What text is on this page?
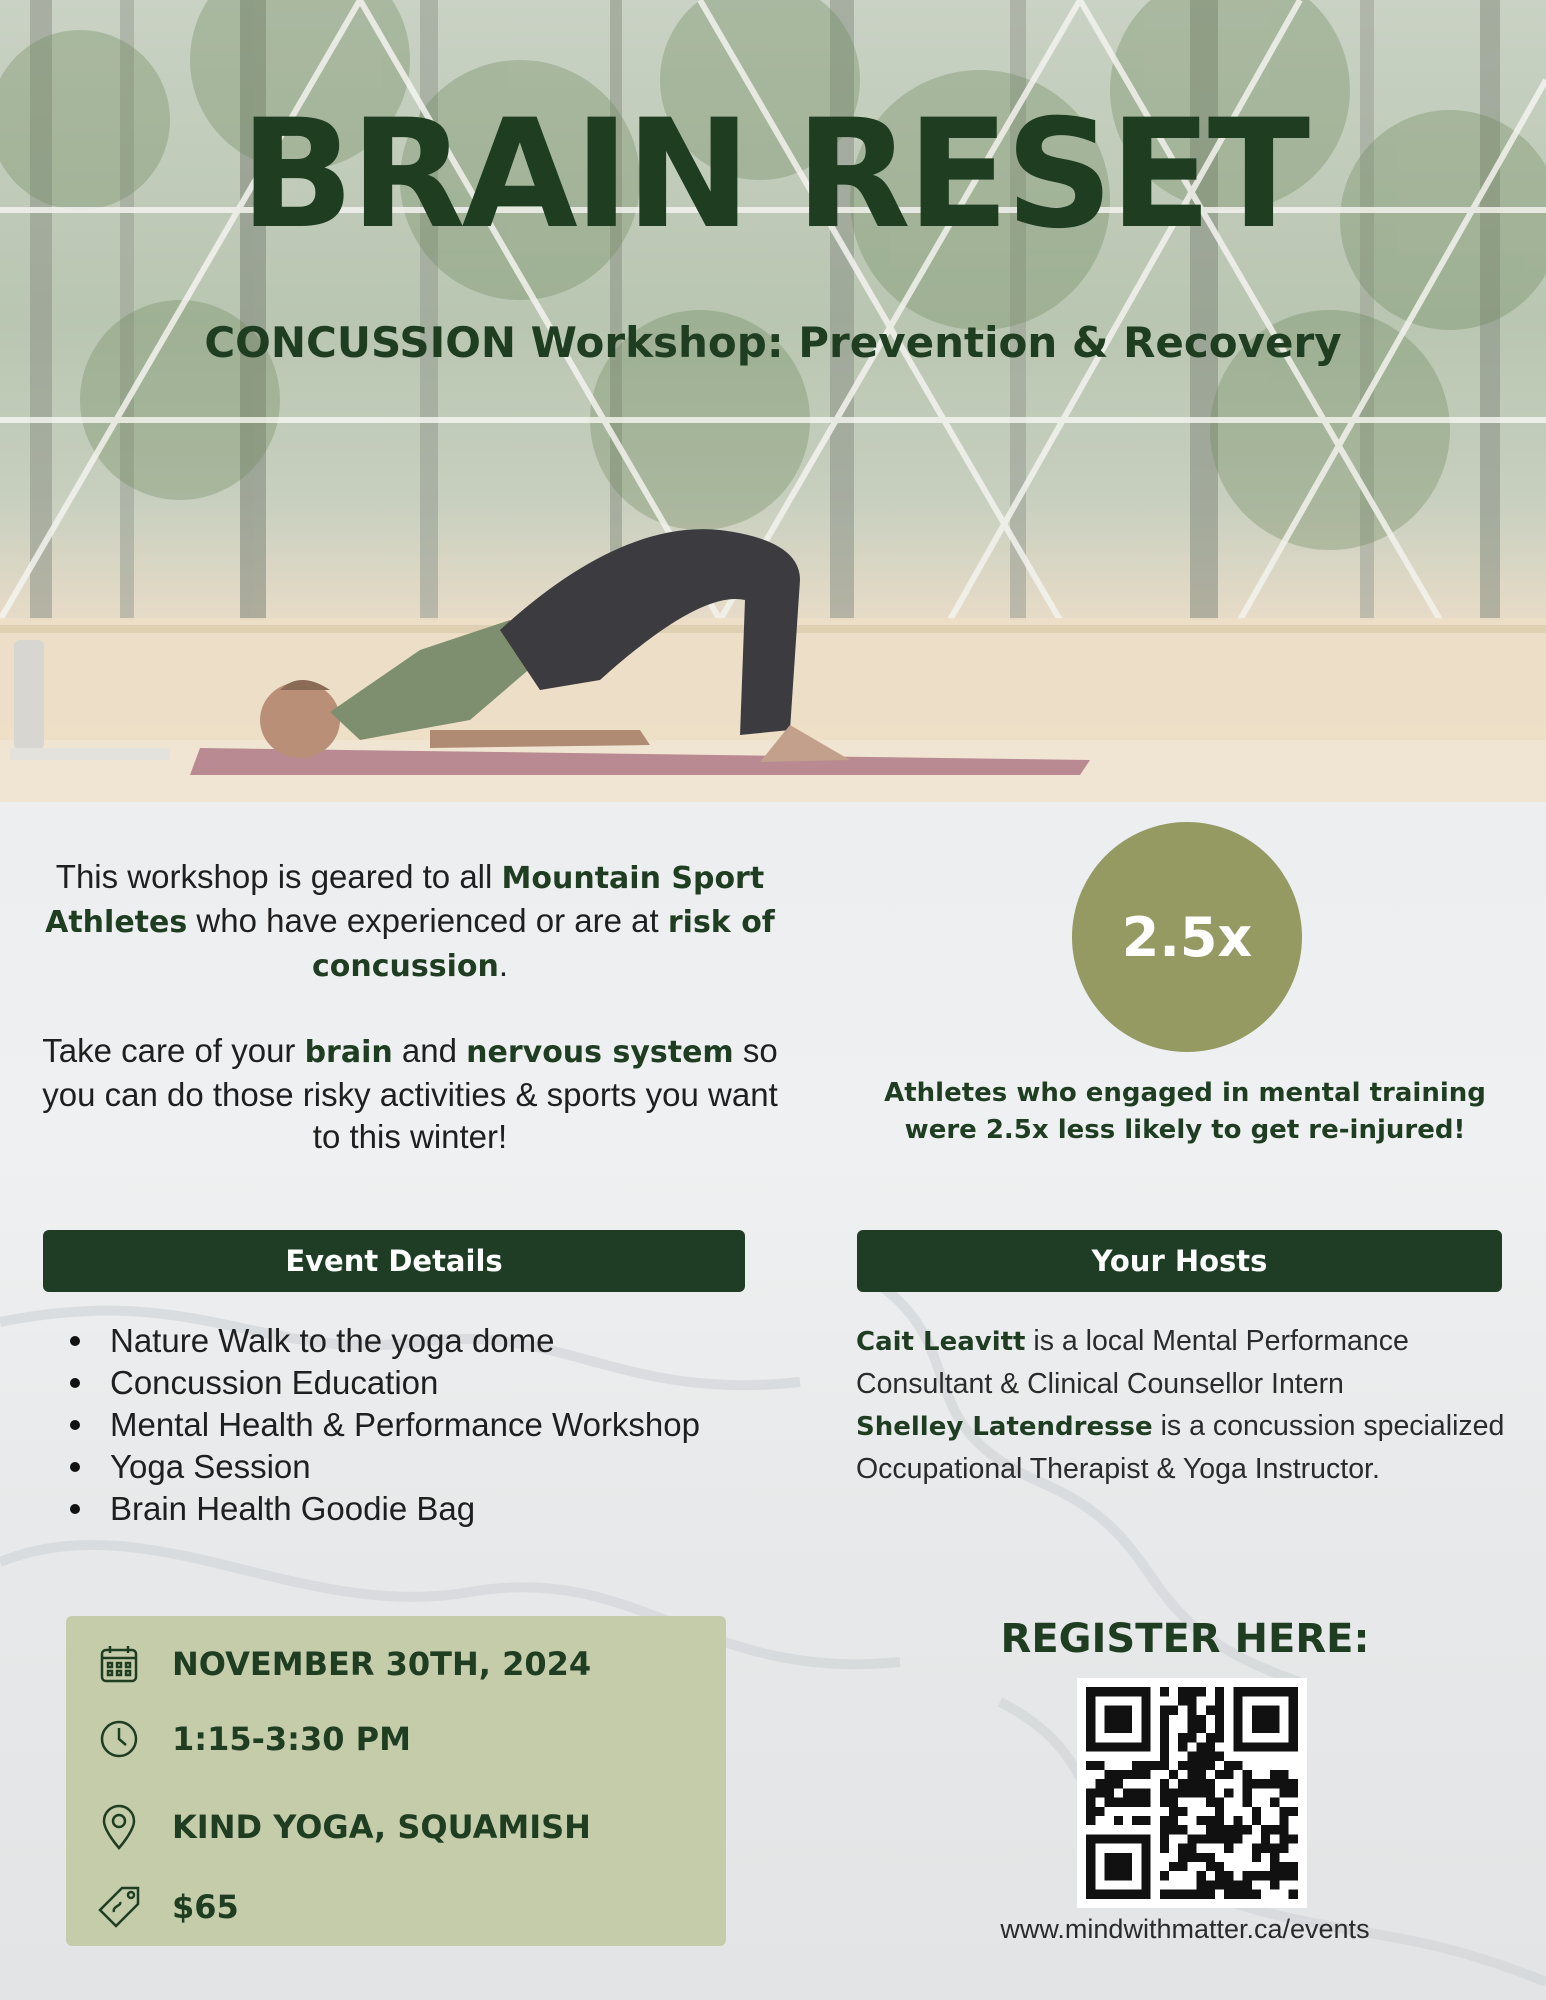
BRAIN RESET
CONCUSSION Workshop: Prevention & Recovery

This workshop is geared to all Mountain Sport Athletes who have experienced or are at risk of concussion.

Take care of your brain and nervous system so you can do those risky activities & sports you want to this winter!

2.5x
Athletes who engaged in mental training
were 2.5x less likely to get re-injured!
Event Details	Your Hosts
Nature Walk to the yoga dome
Concussion Education
Mental Health & Performance Workshop
Yoga Session
Brain Health Goodie Bag

Cait Leavitt is a local Mental Performance Consultant & Clinical Counsellor Intern

Shelley Latendresse is a concussion specialized Occupational Therapist & Yoga Instructor.

NOVEMBER 30TH, 2024
1:15-3:30 PM
KIND YOGA, SQUAMISH
$65
REGISTER HERE:
www.mindwithmatter.ca/events
